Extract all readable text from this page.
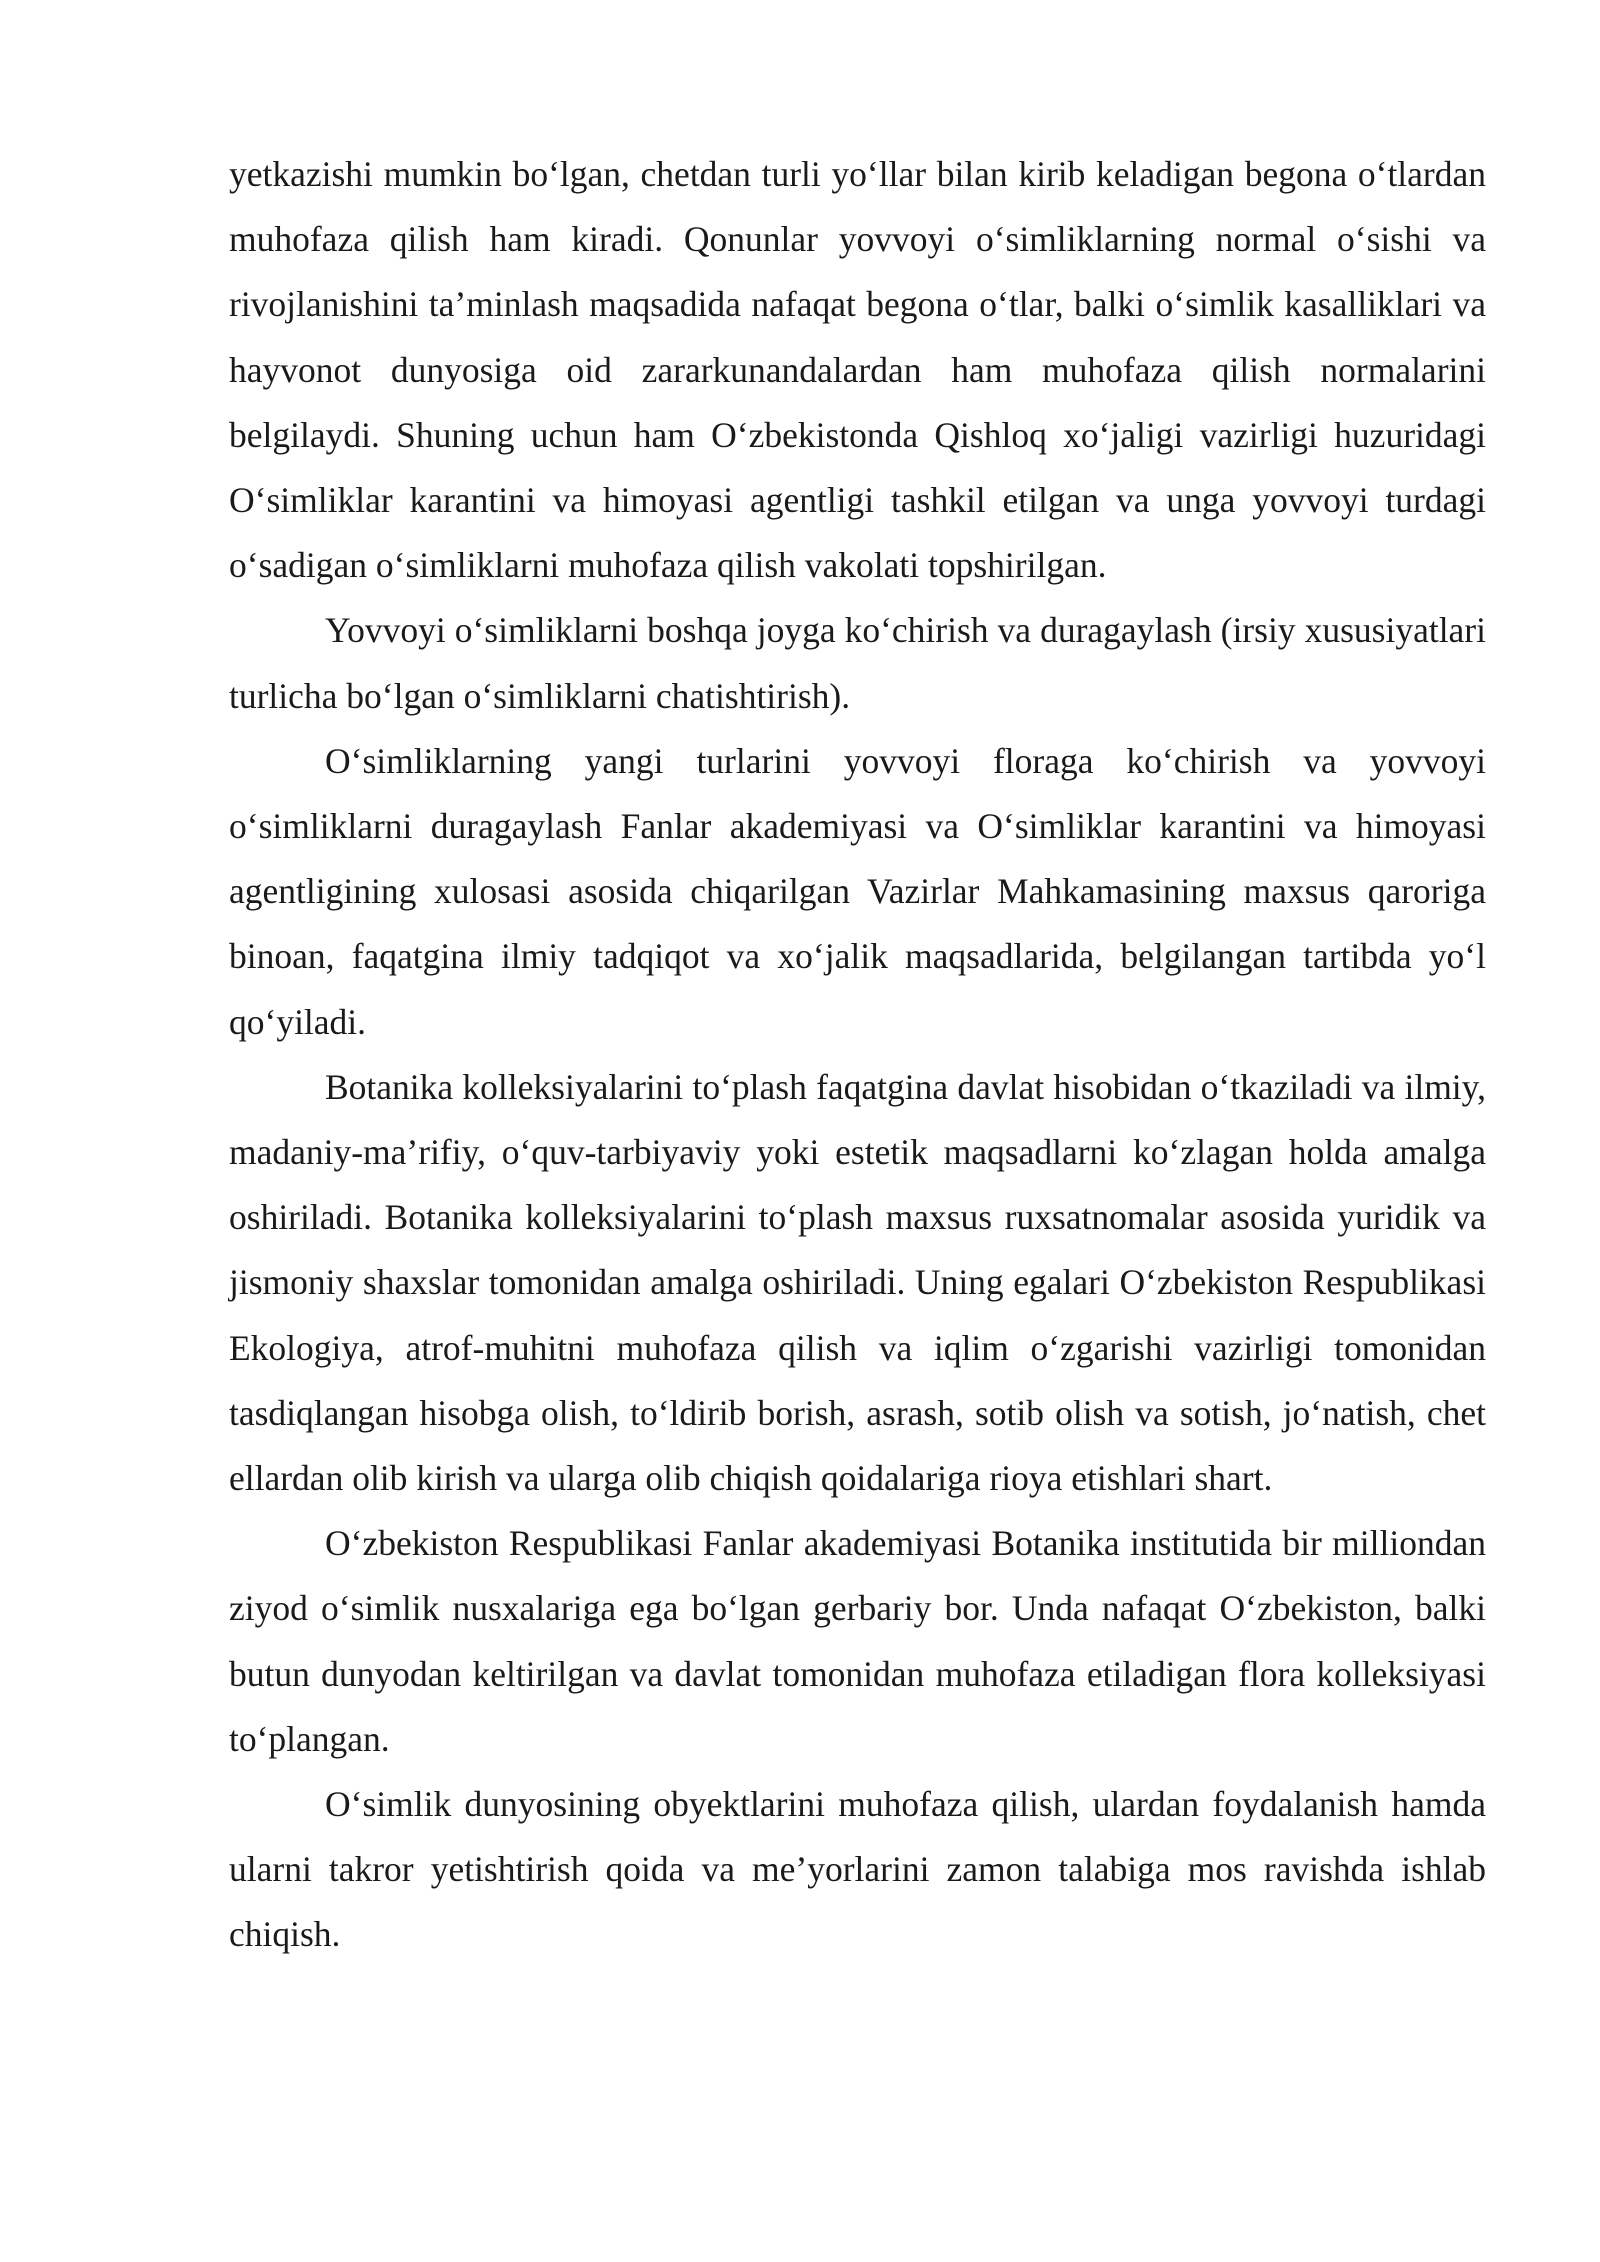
yetkazishi mumkin bo‘lgan, chetdan turli yo‘llar bilan kirib keladigan begona o‘tlardan muhofaza qilish ham kiradi. Qonunlar yovvoyi o‘simliklarning normal o‘sishi va rivojlanishini ta’minlash maqsadida nafaqat begona o‘tlar, balki o‘simlik kasalliklari va hayvonot dunyosiga oid zararkunandalardan ham muhofaza qilish normalarini belgilaydi. Shuning uchun ham O‘zbekistonda Qishloq xo‘jaligi vazirligi huzuridagi O‘simliklar karantini va himoyasi agentligi tashkil etilgan va unga yovvoyi turdagi o‘sadigan o‘simliklarni muhofaza qilish vakolati topshirilgan.

Yovvoyi o‘simliklarni boshqa joyga ko‘chirish va duragaylash (irsiy xususiyatlari turlicha bo‘lgan o‘simliklarni chatishtirish).

O‘simliklarning yangi turlarini yovvoyi floraga ko‘chirish va yovvoyi o‘simliklarni duragaylash Fanlar akademiyasi va O‘simliklar karantini va himoyasi agentligining xulosasi asosida chiqarilgan Vazirlar Mahkamasining maxsus qaroriga binoan, faqatgina ilmiy tadqiqot va xo‘jalik maqsadlarida, belgilangan tartibda yo‘l qo‘yiladi.

Botanika kolleksiyalarini to‘plash faqatgina davlat hisobidan o‘tkaziladi va ilmiy, madaniy-ma’rifiy, o‘quv-tarbiyaviy yoki estetik maqsadlarni ko‘zlagan holda amalga oshiriladi. Botanika kolleksiyalarini to‘plash maxsus ruxsatnomalar asosida yuridik va jismoniy shaxslar tomonidan amalga oshiriladi. Uning egalari O‘zbekiston Respublikasi Ekologiya, atrof-muhitni muhofaza qilish va iqlim o‘zgarishi vazirligi tomonidan tasdiqlangan hisobga olish, to‘ldirib borish, asrash, sotib olish va sotish, jo‘natish, chet ellardan olib kirish va ularga olib chiqish qoidalariga rioya etishlari shart.

O‘zbekiston Respublikasi Fanlar akademiyasi Botanika institutida bir milliondan ziyod o‘simlik nusxalariga ega bo‘lgan gerbariy bor. Unda nafaqat O‘zbekiston, balki butun dunyodan keltirilgan va davlat tomonidan muhofaza etiladigan flora kolleksiyasi to‘plangan.

O‘simlik dunyosining obyektlarini muhofaza qilish, ulardan foydalanish hamda ularni takror yetishtirish qoida va me’yorlarini zamon talabiga mos ravishda ishlab chiqish.
